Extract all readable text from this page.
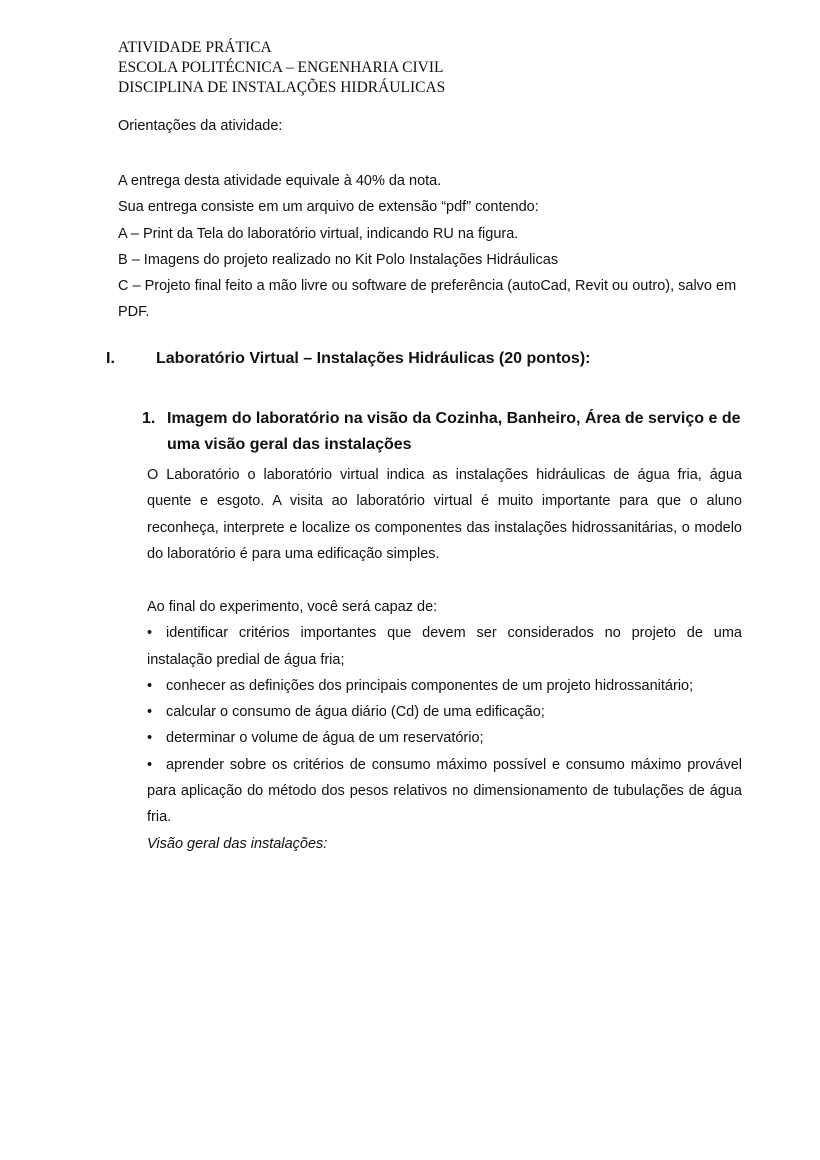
ATIVIDADE PRÁTICA
ESCOLA POLITÉCNICA – ENGENHARIA CIVIL
DISCIPLINA DE INSTALAÇÕES HIDRÁULICAS
Orientações da atividade:

A entrega desta atividade equivale à 40% da nota.

Sua entrega consiste em um arquivo de extensão “pdf” contendo:

A – Print da Tela do laboratório virtual, indicando RU na figura.

B – Imagens do projeto realizado no Kit Polo Instalações Hidráulicas

C – Projeto final feito a mão livre ou software de preferência (autoCad, Revit ou outro), salvo em PDF.

I.	Laboratório Virtual – Instalações Hidráulicas (20 pontos):
1. Imagem do laboratório na visão da Cozinha, Banheiro, Área de serviço e de uma visão geral das instalações
O Laboratório o laboratório virtual indica as instalações hidráulicas de água fria, água quente e esgoto. A visita ao laboratório virtual é muito importante para que o aluno reconheça, interprete e localize os componentes das instalações hidrossanitárias, o modelo do laboratório é para uma edificação simples.

Ao final do experimento, você será capaz de:

• identificar critérios importantes que devem ser considerados no projeto de uma instalação predial de água fria;

• conhecer as definições dos principais componentes de um projeto hidrossanitário;

• calcular o consumo de água diário (Cd) de uma edificação;

• determinar o volume de água de um reservatório;

• aprender sobre os critérios de consumo máximo possível e consumo máximo provável para aplicação do método dos pesos relativos no dimensionamento de tubulações de água fria.

Visão geral das instalações:
